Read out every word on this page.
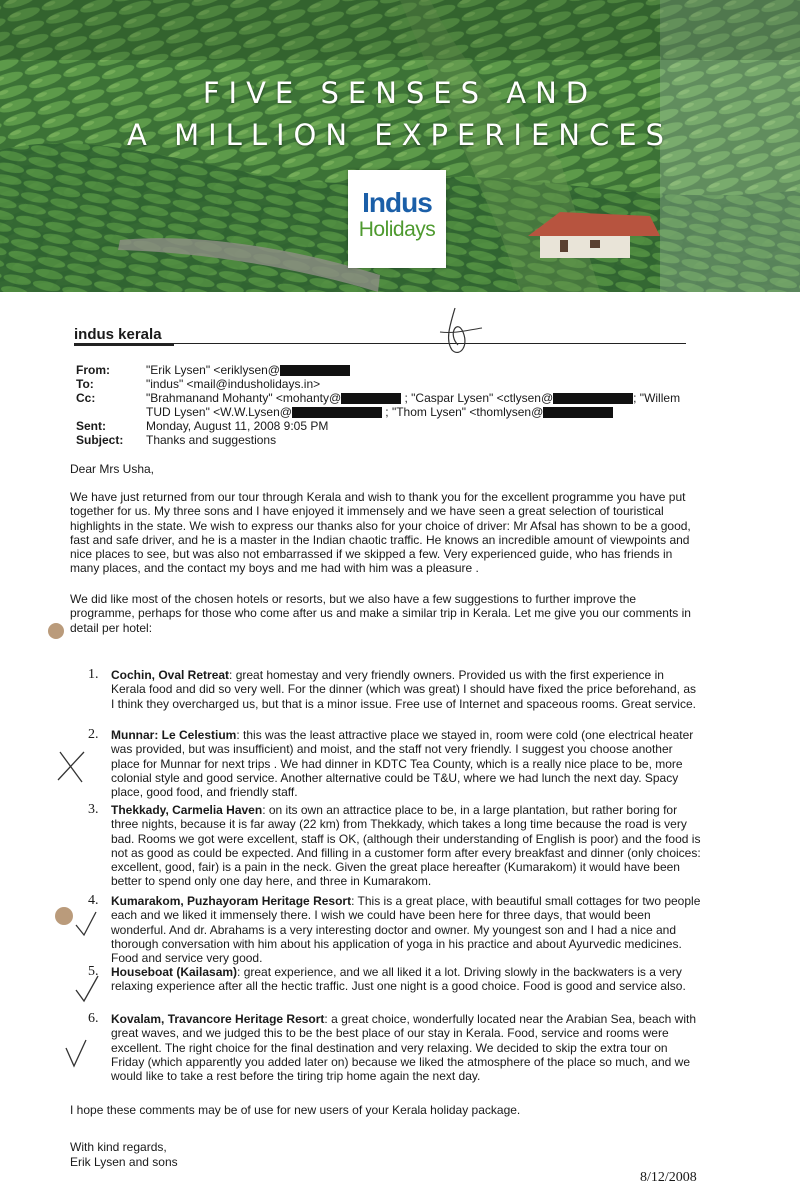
FIVE SENSES AND
A MILLION EXPERIENCES
Indus
Holidays
indus kerala
From:	"Erik Lysen" <eriklysen@
To:	"indus" <mail@indusholidays.in>
Cc:	"Brahmanand Mohanty" <mohanty@	; "Caspar Lysen" <ctlysen@	; "Willem
TUD Lysen" <W.W.Lysen@	; "Thom Lysen" <thomlysen@
Sent:	Monday, August 11, 2008 9:05 PM
Subject: Thanks and suggestions
Dear Mrs Usha,
We have just returned from our tour through Kerala and wish to thank you for the excellent programme you have put together for us. My three sons and I have enjoyed it immensely and we have seen a great selection of touristical highlights in the state. We wish to express our thanks also for your choice of driver: Mr Afsal has shown to be a good, fast and safe driver, and he is a master in the Indian chaotic traffic. He knows an incredible amount of viewpoints and nice places to see, but was also not embarrassed if we skipped a few. Very experienced guide, who has friends in many places, and the contact my boys and me had with him was a pleasure .
We did like most of the chosen hotels or resorts, but we also have a few suggestions to further improve the programme, perhaps for those who come after us and make a similar trip in Kerala. Let me give you our comments in detail per hotel:
1. Cochin, Oval Retreat: great homestay and very friendly owners. Provided us with the first experience in Kerala food and did so very well. For the dinner (which was great) I should have fixed the price beforehand, as I think they overcharged us, but that is a minor issue. Free use of Internet and spaceous rooms. Great service.
2. Munnar: Le Celestium: this was the least attractive place we stayed in, room were cold (one electrical heater was provided, but was insufficient) and moist, and the staff not very friendly. I suggest you choose another place for Munnar for next trips . We had dinner in KDTC Tea County, which is a really nice place to be, more colonial style and good service. Another alternative could be T&U, where we had lunch the next day. Spacy place, good food, and friendly staff.
3. Thekkady, Carmelia Haven: on its own an attractice place to be, in a large plantation, but rather boring for three nights, because it is far away (22 km) from Thekkady, which takes a long time because the road is very bad. Rooms we got were excellent, staff is OK, (although their understanding of English is poor) and the food is not as good as could be expected. And filling in a customer form after every breakfast and dinner (only choices: excellent, good, fair) is a pain in the neck. Given the great place hereafter (Kumarakom) it would have been better to spend only one day here, and three in Kumarakom.
4. Kumarakom, Puzhayoram Heritage Resort: This is a great place, with beautiful small cottages for two people each and we liked it immensely there. I wish we could have been here for three days, that would been wonderful. And dr. Abrahams is a very interesting doctor and owner. My youngest son and I had a nice and thorough conversation with him about his application of yoga in his practice and about Ayurvedic medicines. Food and service very good.
5. Houseboat (Kailasam): great experience, and we all liked it a lot. Driving slowly in the backwaters is a very relaxing experience after all the hectic traffic. Just one night is a good choice. Food is good and service also.
6. Kovalam, Travancore Heritage Resort: a great choice, wonderfully located near the Arabian Sea, beach with great waves, and we judged this to be the best place of our stay in Kerala. Food, service and rooms were excellent. The right choice for the final destination and very relaxing. We decided to skip the extra tour on Friday (which apparently you added later on) because we liked the atmosphere of the place so much, and we would like to take a rest before the tiring trip home again the next day.
I hope these comments may be of use for new users of your Kerala holiday package.
With kind regards,
Erik Lysen and sons
8/12/2008
